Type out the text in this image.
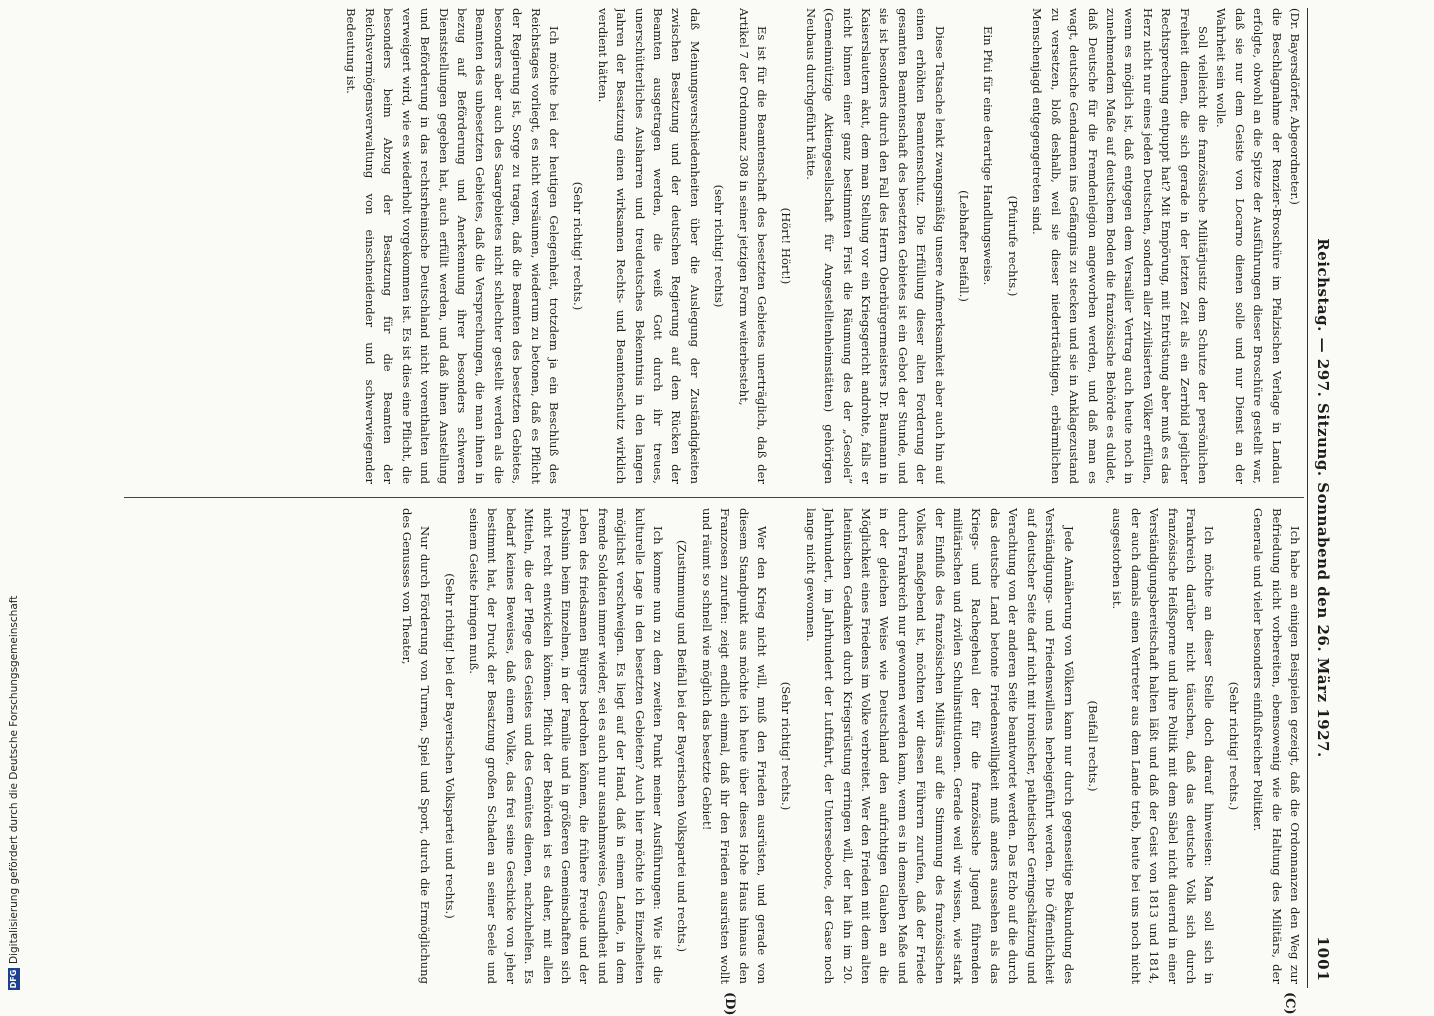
Reichstag. — 297. Sitzung. Sonnabend den 26. März 1927.
1001
(C)
(D)

(Dr. Bayersdörfer, Abgeordneter.)

die Beschlagnahme der Renzier-Broschüre im Pfalzischen Verlage in Landau erfolgte, obwohl an die Spitze der Ausführungen dieser Broschüre gestellt war, daß sie nur dem Geiste von Locarno dienen solle und nur Dienst an der Wahrheit sein wolle.

Soll vielleicht die französische Militärjustiz dem Schutze der persönlichen Freiheit dienen, die sich gerade in der letzten Zeit als ein Zerrbild jeglicher Rechtsprechung entpuppt hat? Mit Empörung, mit Entrüstung aber muß es das Herz nicht nur eines jeden Deutschen, sondern aller zivilisierten Völker erfüllen, wenn es möglich ist, daß entgegen dem Versailler Vertrag auch heute noch in zunehmendem Maße auf deutschem Boden die französische Behörde es duldet, daß Deutsche für die Fremdenlegion angeworben werden, und daß man es wagt, deutsche Gendarmen ins Gefängnis zu stecken und sie in Anklagezustand zu versetzen, bloß deshalb, weil sie dieser niederträchtigen, erbärmlichen Menschenjagd entgegengetreten sind.

(Pfuirufe rechts.)

Ein Pfui für eine derartige Handlungsweise.

(Lebhafter Beifall.)

Diese Tatsache lenkt zwangsmäßig unsere Aufmerksamkeit aber auch hin auf einen erhöhten Beamtenschutz. Die Erfüllung dieser alten Forderung der gesamten Beamtenschaft des besetzten Gebietes ist ein Gebot der Stunde, und sie ist besonders durch den Fall des Herrn Oberbürgermeisters Dr. Baumann in Kaiserslautern akut, dem man Stellung vor ein Kriegsgericht androhte, falls er nicht binnen einer ganz bestimmten Frist die Räumung des der „Gesolei“ (Gemeinnützige Aktiengesellschaft für Angestelltenheimstätten) gehörigen Neubaus durchgeführt hätte.

(Hört! Hört!)

Es ist für die Beamtenschaft des besetzten Gebietes unerträglich, daß der Artikel 7 der Ordonnanz 308 in seiner jetzigen Form weiterbesteht,

(sehr richtig! rechts)

daß Meinungsverschiedenheiten über die Auslegung der Zuständigkeiten zwischen Besatzung und der deutschen Regierung auf dem Rücken der Beamten ausgetragen werden, die weiß Gott durch ihr treues, unerschütterliches Ausharren und treudeutsches Bekenntnis in den langen Jahren der Besatzung einen wirksamen Rechts- und Beamtenschutz wirklich verdient hätten.

(Sehr richtig! rechts.)

Ich möchte bei der heutigen Gelegenheit, trotzdem ja ein Beschluß des Reichstages vorliegt, es nicht versäumen, wiederum zu betonen, daß es Pflicht der Regierung ist, Sorge zu tragen, daß die Beamten des besetzten Gebietes, besonders aber auch des Saargebietes nicht schlechter gestellt werden als die Beamten des unbesetzten Gebietes, daß die Versprechungen, die man ihnen in bezug auf Beförderung und Anerkennung ihrer besonders schweren Dienststellungen gegeben hat, auch erfüllt werden, und daß ihnen Anstellung und Beförderung in das rechtsrheinische Deutschland nicht vorenthalten und verweigert wird, wie es wiederholt vorgekommen ist. Es ist dies eine Pflicht, die besonders beim Abzug der Besatzung für die Beamten der Reichsvermögensverwaltung von einschneidender und schwerwiegender Bedeutung ist.

Ich habe an einigen Beispielen gezeigt, daß die Ordonnanzen den Weg zur Befriedung nicht vorbereiten, ebensowenig wie die Haltung des Militärs, der Generale und vieler besonders einflußreicher Politiker.

(Sehr richtig! rechts.)

Ich möchte an dieser Stelle doch darauf hinweisen: Man soll sich in Frankreich darüber nicht täuschen, daß das deutsche Volk sich durch französische Heißsporne und ihre Politik mit dem Säbel nicht dauernd in einer Verständigungsbereitschaft halten läßt und daß der Geist von 1813 und 1814, der auch damals einen Vertreter aus dem Lande trieb, heute bei uns noch nicht ausgestorben ist.

(Beifall rechts.)

Jede Annäherung von Völkern kann nur durch gegenseitige Bekundung des Verständigungs- und Friedenswillens herbeigeführt werden. Die Öffentlichkeit auf deutscher Seite darf nicht mit ironischer, pathetischer Geringschätzung und Verachtung von der anderen Seite beantwortet werden. Das Echo auf die durch das deutsche Land betonte Friedenswilligkeit muß anders aussehen als das Kriegs- und Rachegeheul der für die französische Jugend führenden militärischen und zivilen Schulinstitutionen. Gerade weil wir wissen, wie stark der Einfluß des französischen Militärs auf die Stimmung des französischen Volkes maßgebend ist, möchten wir diesen Führern zurufen, daß der Friede durch Frankreich nur gewonnen werden kann, wenn es in demselben Maße und in der gleichen Weise wie Deutschland den aufrichtigen Glauben an die Möglichkeit eines Friedens im Volke verbreitet. Wer den Frieden mit dem alten lateinischen Gedanken durch Kriegsrüstung erringen will, der hat ihn im 20. Jahrhundert, im Jahrhundert der Luftfahrt, der Unterseeboote, der Gase noch lange nicht gewonnen.

(Sehr richtig! rechts.)

Wer den Krieg nicht will, muß den Frieden ausrüsten, und gerade von diesem Standpunkt aus möchte ich heute über dieses Hohe Haus hinaus den Franzosen zurufen: zeigt endlich einmal, daß ihr den Frieden ausrüsten wollt und räumt so schnell wie möglich das besetzte Gebiet!

(Zustimmung und Beifall bei der Bayerischen Volkspartei und rechts.)

Ich komme nun zu dem zweiten Punkt meiner Ausführungen: Wie ist die kulturelle Lage in den besetzten Gebieten? Auch hier möchte ich Einzelheiten möglichst verschweigen. Es liegt auf der Hand, daß in einem Lande, in dem fremde Soldaten immer wieder, sei es auch nur ausnahmsweise, Gesundheit und Leben des friedsamen Bürgers bedrohen können, die frühere Freude und der Frohsinn beim Einzelnen, in der Familie und in größeren Gemeinschaften sich nicht recht entwickeln können. Pflicht der Behörden ist es daher, mit allen Mitteln, die der Pflege des Geistes und des Gemütes dienen, nachzuhelfen. Es bedarf keines Beweises, daß einem Volke, das frei seine Geschicke von jeher bestimmt hat, der Druck der Besatzung großen Schaden an seiner Seele und seinem Geiste bringen muß.

(Sehr richtig! bei der Bayerischen Volkspartei und rechts.)

Nur durch Förderung von Turnen, Spiel und Sport, durch die Ermöglichung des Genusses von Theater,

DFGDigitalisierung gefördert durch die Deutsche Forschungsgemeinschaft
